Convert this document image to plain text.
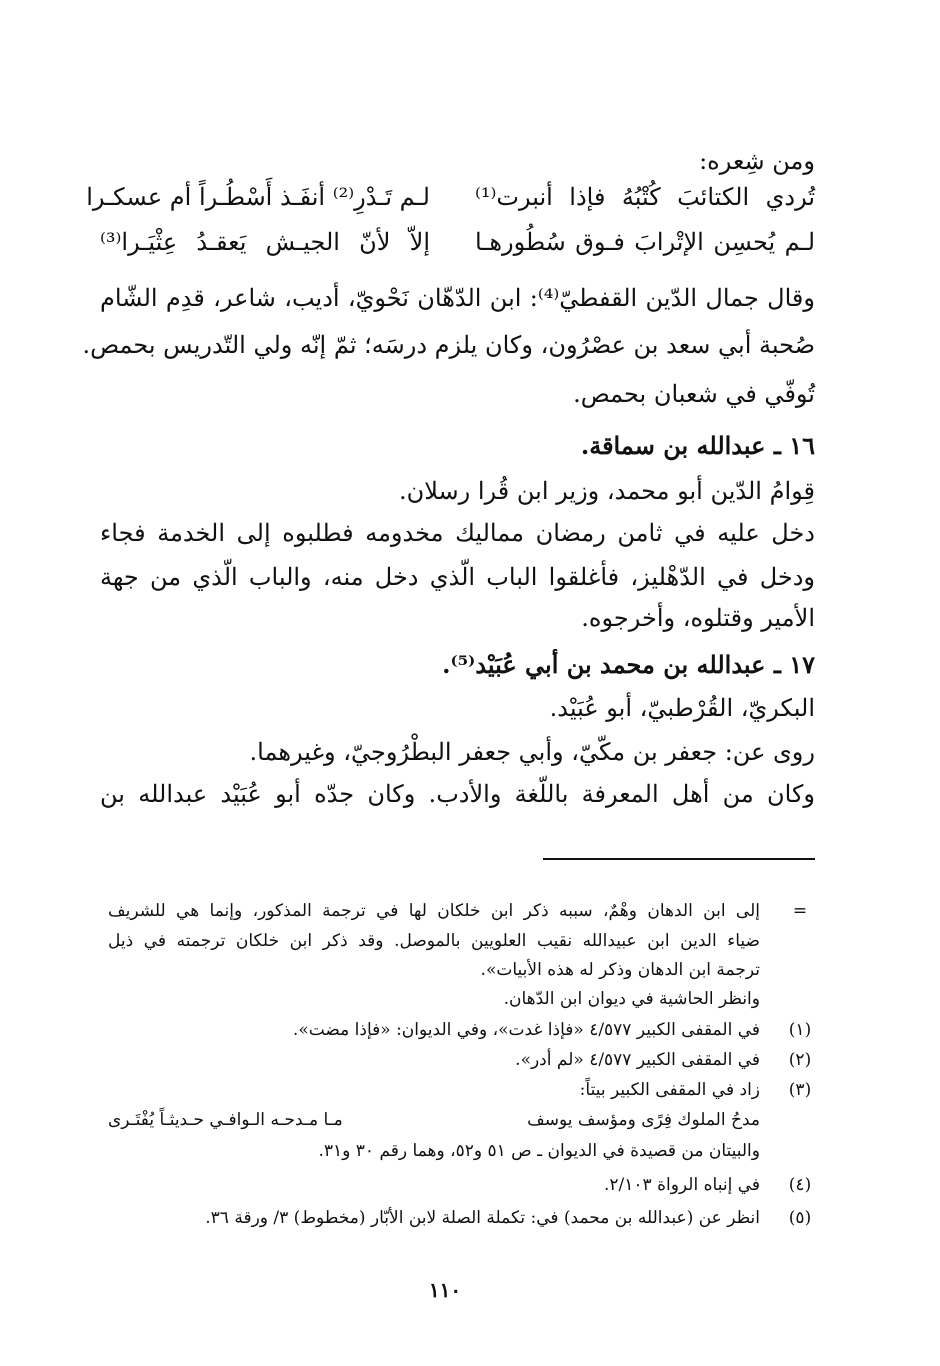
ومن شِعره:
تُردي الكتائبَ كُتْبُهُ فإذا أنبرت⁽¹⁾
لـم تَـدْرِ⁽²⁾ أنفَـذ أَسْطُـراً أم عسكـرا
لـم يُحسِن الإتْرابَ فـوق سُطُورهـا
إلاّ لأنّ الجيـش يَعقـدُ عِثْيَـرا⁽³⁾
وقال جمال الدّين القفطيّ⁽⁴⁾: ابن الدّهّان نَحْويّ، أديب، شاعر، قدِم الشّام
صُحبة أبي سعد بن عصْرُون، وكان يلزم درسَه؛ ثمّ إنّه ولي التّدريس بحمص.
تُوفّي في شعبان بحمص.
١٦ ـ عبدالله بن سماقة.
قِوامُ الدّين أبو محمد، وزير ابن قُرا رسلان.
دخل عليه في ثامن رمضان مماليك مخدومه فطلبوه إلى الخدمة فجاء
ودخل في الدّهْليز، فأغلقوا الباب الّذي دخل منه، والباب الّذي من جهة
الأمير وقتلوه، وأخرجوه.
١٧ ـ عبدالله بن محمد بن أبي عُبَيْد⁽⁵⁾.
البكريّ، القُرْطبيّ، أبو عُبَيْد.
روى عن: جعفر بن مكّيّ، وأبي جعفر البطْرُوجيّ، وغيرهما.
وكان من أهل المعرفة باللّغة والأدب. وكان جدّه أبو عُبَيْد عبدالله بن
=
إلى ابن الدهان وهْمٌ، سببه ذكر ابن خلكان لها في ترجمة المذكور، وإنما هي للشريف
ضياء الدين ابن عبيدالله نقيب العلويين بالموصل. وقد ذكر ابن خلكان ترجمته في ذيل
ترجمة ابن الدهان وذكر له هذه الأبيات».
وانظر الحاشية في ديوان ابن الدّهان.
(١)
في المقفى الكبير ٤/٥٧٧ «فإذا غدت»، وفي الديوان: «فإذا مضت».
(٢)
في المقفى الكبير ٤/٥٧٧ «لم أدر».
(٣)
زاد في المقفى الكبير بيتاً:
مدحُ الملوك فِرًى ومؤسف يوسف
مـا مـدحـه الـوافـي حـديثـاً يُفْتَـرى
والبيتان من قصيدة في الديوان ـ ص ٥١ و٥٢، وهما رقم ٣٠ و٣١.
(٤)
في إنباه الرواة ٢/١٠٣.
(٥)
انظر عن (عبدالله بن محمد) في: تكملة الصلة لابن الأبّار (مخطوط) ٣/ ورقة ٣٦.
١١٠
